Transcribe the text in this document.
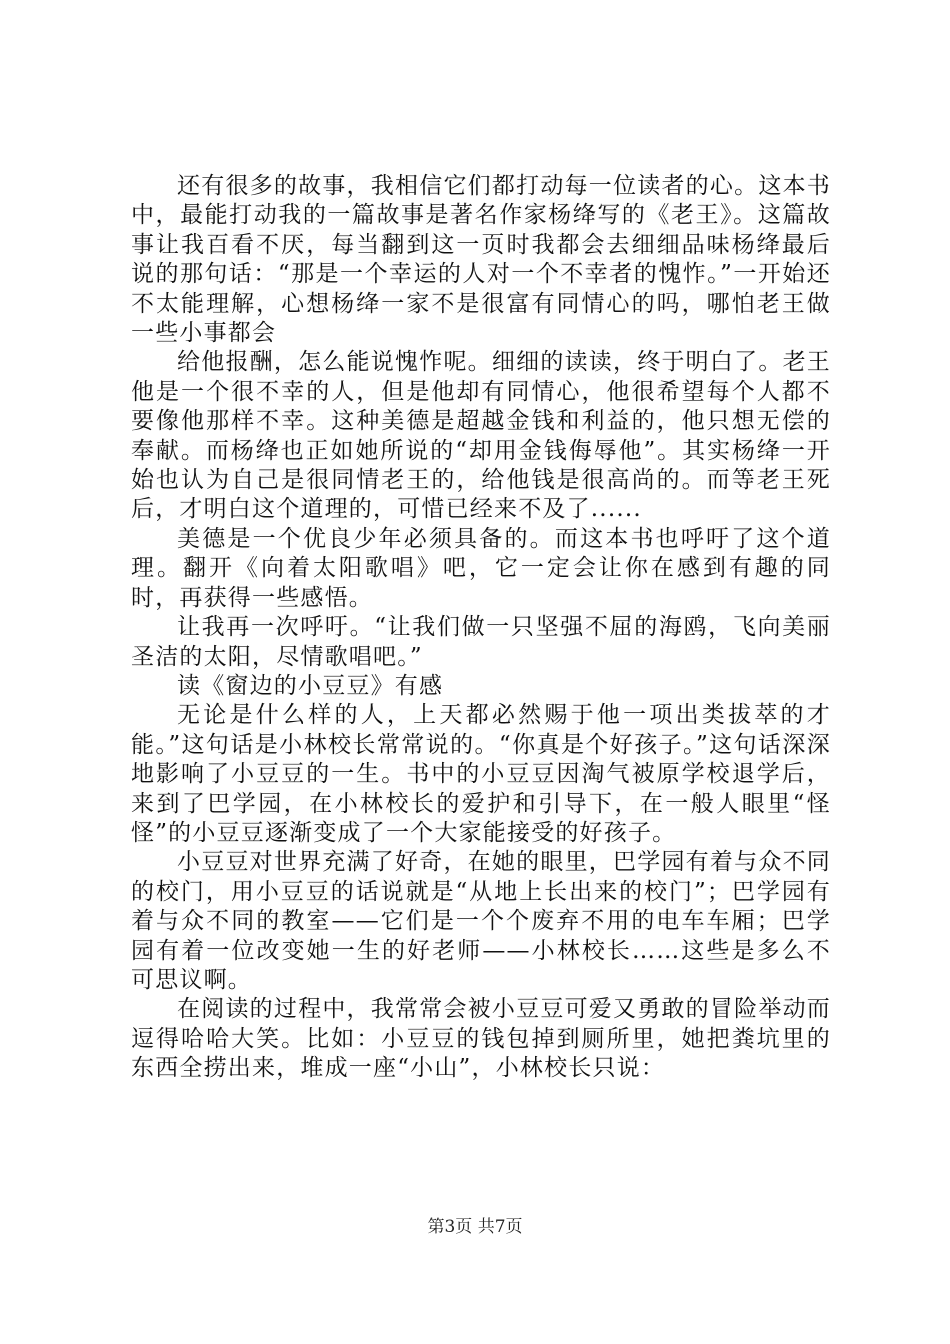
还有很多的故事，我相信它们都打动每一位读者的心。这本书中，最能打动我的一篇故事是著名作家杨绛写的《老王》。这篇故事让我百看不厌，每当翻到这一页时我都会去细细品味杨绛最后说的那句话：“那是一个幸运的人对一个不幸者的愧怍。”一开始还不太能理解，心想杨绛一家不是很富有同情心的吗，哪怕老王做一些小事都会

给他报酬，怎么能说愧怍呢。细细的读读，终于明白了。老王他是一个很不幸的人，但是他却有同情心，他很希望每个人都不要像他那样不幸。这种美德是超越金钱和利益的，他只想无偿的奉献。而杨绛也正如她所说的“却用金钱侮辱他”。其实杨绛一开始也认为自己是很同情老王的，给他钱是很高尚的。而等老王死后，才明白这个道理的，可惜已经来不及了......

美德是一个优良少年必须具备的。而这本书也呼吁了这个道理。翻开《向着太阳歌唱》吧，它一定会让你在感到有趣的同时，再获得一些感悟。

让我再一次呼吁。“让我们做一只坚强不屈的海鸥，飞向美丽圣洁的太阳，尽情歌唱吧。”

读《窗边的小豆豆》有感

无论是什么样的人，上天都必然赐于他一项出类拔萃的才能。”这句话是小林校长常常说的。“你真是个好孩子。”这句话深深地影响了小豆豆的一生。书中的小豆豆因淘气被原学校退学后，来到了巴学园，在小林校长的爱护和引导下，在一般人眼里“怪怪”的小豆豆逐渐变成了一个大家能接受的好孩子。

小豆豆对世界充满了好奇，在她的眼里，巴学园有着与众不同的校门，用小豆豆的话说就是“从地上长出来的校门”；巴学园有着与众不同的教室——它们是一个个废弃不用的电车车厢；巴学园有着一位改变她一生的好老师——小林校长……这些是多么不可思议啊。

在阅读的过程中，我常常会被小豆豆可爱又勇敢的冒险举动而逗得哈哈大笑。比如：小豆豆的钱包掉到厕所里，她把粪坑里的东西全捞出来，堆成一座“小山”，小林校长只说：

第3页 共7页
